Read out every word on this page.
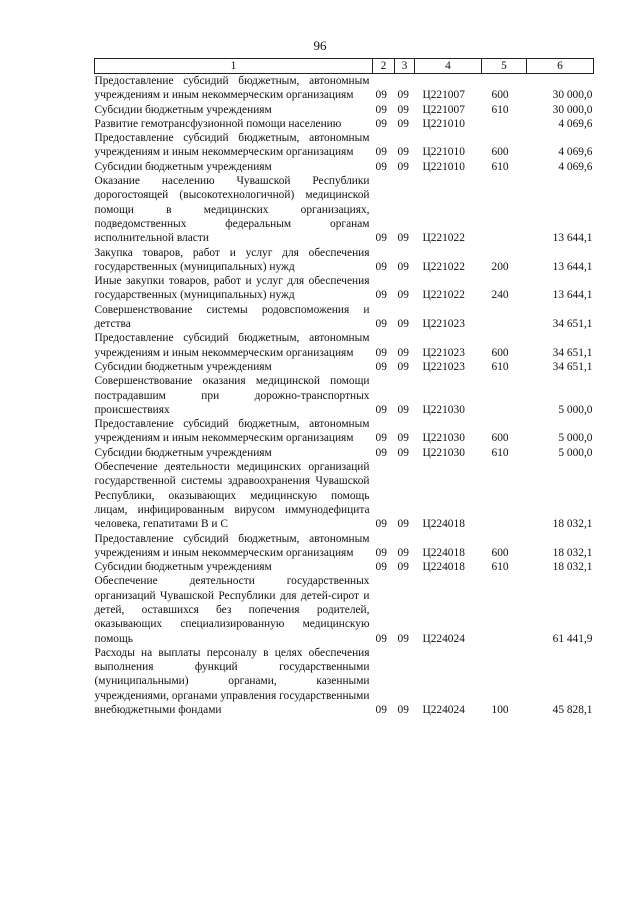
96
1	2	3	4	5	6
Предоставление субсидий бюджетным, автономным учреждениям и иным некоммерческим организациям	09	09	Ц221007	600	30 000,0
Субсидии бюджетным учреждениям	09	09	Ц221007	610	30 000,0
Развитие гемотрансфузионной помощи населению	09	09	Ц221010		4 069,6
Предоставление субсидий бюджетным, автономным учреждениям и иным некоммерческим организациям	09	09	Ц221010	600	4 069,6
Субсидии бюджетным учреждениям	09	09	Ц221010	610	4 069,6
Оказание населению Чувашской Республики дорогостоящей (высокотехнологичной) медицинской помощи в медицинских организациях, подведомственных федеральным органам исполнительной власти	09	09	Ц221022		13 644,1
Закупка товаров, работ и услуг для обеспечения государственных (муниципальных) нужд	09	09	Ц221022	200	13 644,1
Иные закупки товаров, работ и услуг для обеспечения государственных (муниципальных) нужд	09	09	Ц221022	240	13 644,1
Совершенствование системы родовспоможения и детства	09	09	Ц221023		34 651,1
Предоставление субсидий бюджетным, автономным учреждениям и иным некоммерческим организациям	09	09	Ц221023	600	34 651,1
Субсидии бюджетным учреждениям	09	09	Ц221023	610	34 651,1
Совершенствование оказания медицинской помощи пострадавшим при дорожно-транспортных происшествиях	09	09	Ц221030		5 000,0
Предоставление субсидий бюджетным, автономным учреждениям и иным некоммерческим организациям	09	09	Ц221030	600	5 000,0
Субсидии бюджетным учреждениям	09	09	Ц221030	610	5 000,0
Обеспечение деятельности медицинских организаций государственной системы здравоохранения Чувашской Республики, оказывающих медицинскую помощь лицам, инфицированным вирусом иммунодефицита человека, гепатитами В и С	09	09	Ц224018		18 032,1
Предоставление субсидий бюджетным, автономным учреждениям и иным некоммерческим организациям	09	09	Ц224018	600	18 032,1
Субсидии бюджетным учреждениям	09	09	Ц224018	610	18 032,1
Обеспечение деятельности государственных организаций Чувашской Республики для детей-сирот и детей, оставшихся без попечения родителей, оказывающих специализированную медицинскую помощь	09	09	Ц224024		61 441,9
Расходы на выплаты персоналу в целях обеспечения выполнения функций государственными (муниципальными) органами, казенными учреждениями, органами управления государственными внебюджетными фондами	09	09	Ц224024	100	45 828,1
